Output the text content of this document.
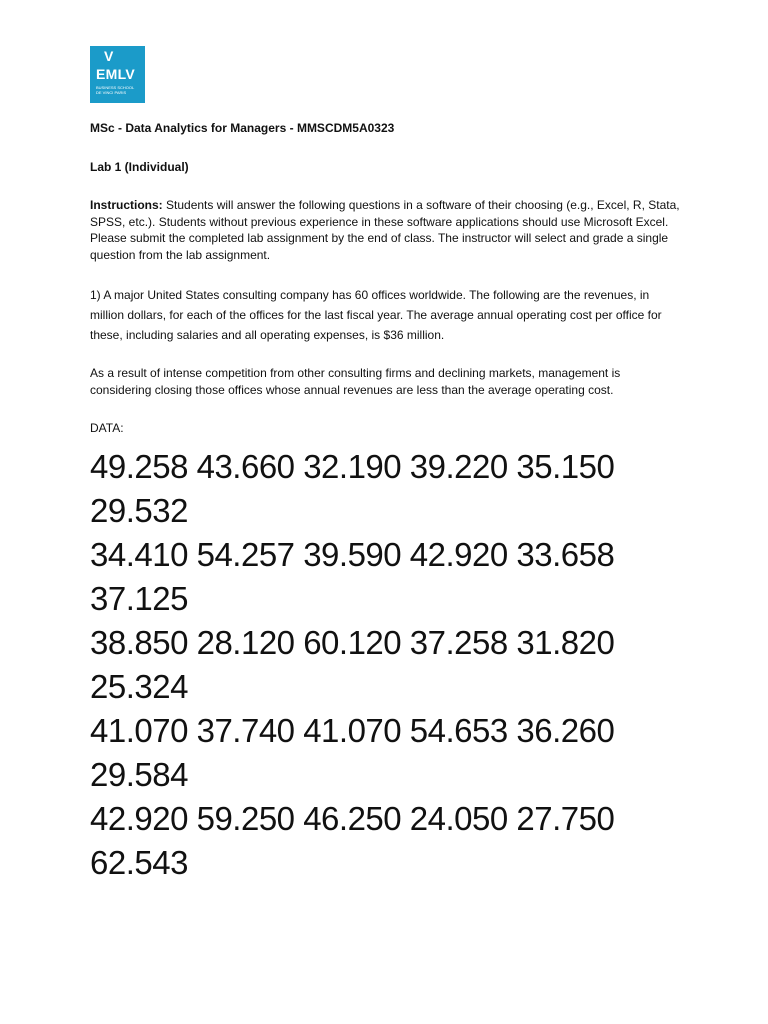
V
EMLV
BUSINESS SCHOOL DE VINCI PARIS

MSc - Data Analytics for Managers - MMSCDM5A0323

Lab 1 (Individual)

Instructions: Students will answer the following questions in a software of their choosing (e.g., Excel, R, Stata, SPSS, etc.). Students without previous experience in these software applications should use Microsoft Excel. Please submit the completed lab assignment by the end of class. The instructor will select and grade a single question from the lab assignment.

1) A major United States consulting company has 60 offices worldwide. The following are the revenues, in million dollars, for each of the offices for the last fiscal year. The average annual operating cost per office for these, including salaries and all operating expenses, is $36 million.

As a result of intense competition from other consulting firms and declining markets, management is considering closing those offices whose annual revenues are less than the average operating cost.

DATA:

49.258 43.660 32.190 39.220 35.150
29.532
34.410 54.257 39.590 42.920 33.658
37.125
38.850 28.120 60.120 37.258 31.820
25.324
41.070 37.740 41.070 54.653 36.260
29.584
42.920 59.250 46.250 24.050 27.750
62.543
